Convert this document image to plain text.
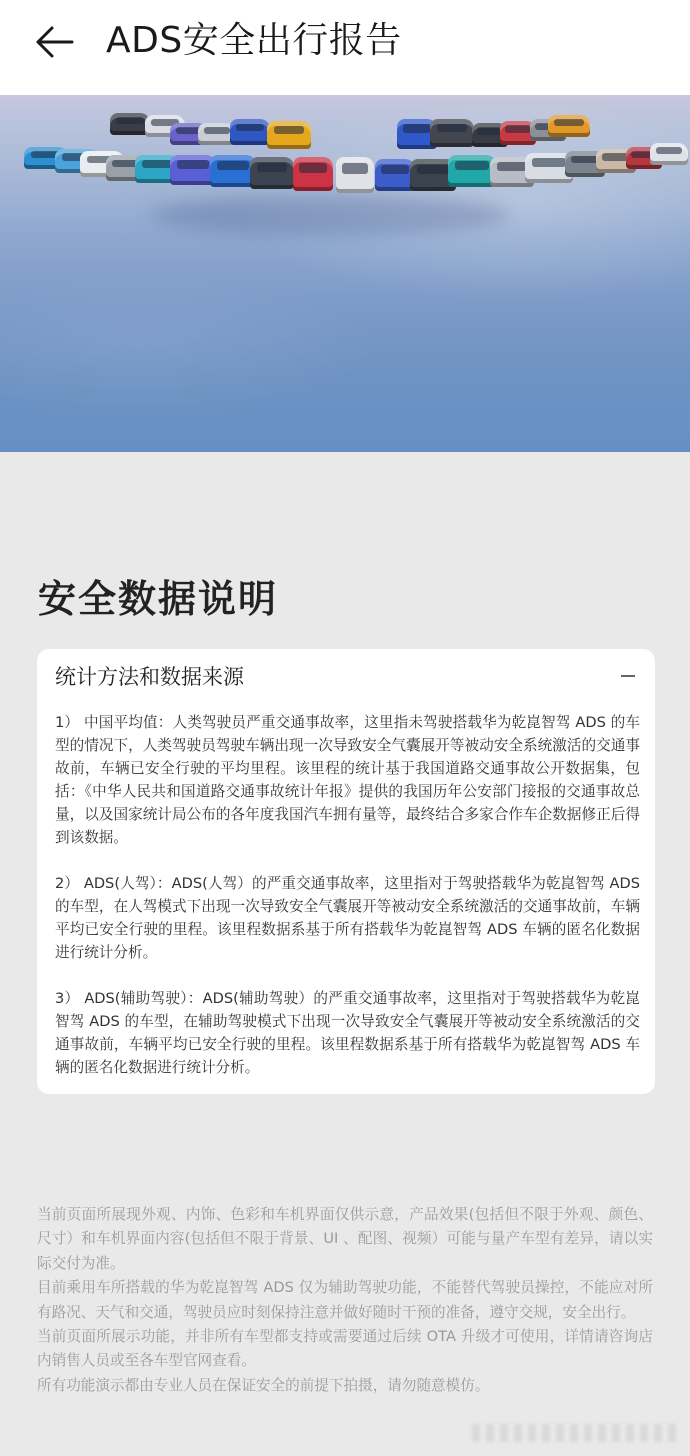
ADS安全出行报告
安全数据说明
统计方法和数据来源

1） 中国平均值：人类驾驶员严重交通事故率，这里指未驾驶搭载华为乾崑智驾 ADS 的车型的情况下，人类驾驶员驾驶车辆出现一次导致安全气囊展开等被动安全系统激活的交通事故前，车辆已安全行驶的平均里程。该里程的统计基于我国道路交通事故公开数据集，包括：《中华人民共和国道路交通事故统计年报》提供的我国历年公安部门接报的交通事故总量，以及国家统计局公布的各年度我国汽车拥有量等，最终结合多家合作车企数据修正后得到该数据。

2） ADS(人驾）：ADS(人驾）的严重交通事故率，这里指对于驾驶搭载华为乾崑智驾 ADS 的车型，在人驾模式下出现一次导致安全气囊展开等被动安全系统激活的交通事故前，车辆平均已安全行驶的里程。该里程数据系基于所有搭载华为乾崑智驾 ADS 车辆的匿名化数据进行统计分析。

3） ADS(辅助驾驶）：ADS(辅助驾驶）的严重交通事故率，这里指对于驾驶搭载华为乾崑智驾 ADS 的车型，在辅助驾驶模式下出现一次导致安全气囊展开等被动安全系统激活的交通事故前，车辆平均已安全行驶的里程。该里程数据系基于所有搭载华为乾崑智驾 ADS 车辆的匿名化数据进行统计分析。

当前页面所展现外观、内饰、色彩和车机界面仅供示意，产品效果(包括但不限于外观、颜色、尺寸）和车机界面内容(包括但不限于背景、UI 、配图、视频）可能与量产车型有差异，请以实际交付为准。

目前乘用车所搭载的华为乾崑智驾 ADS 仅为辅助驾驶功能，不能替代驾驶员操控，不能应对所有路况、天气和交通，驾驶员应时刻保持注意并做好随时干预的准备，遵守交规，安全出行。

当前页面所展示功能，并非所有车型都支持或需要通过后续 OTA 升级才可使用，详情请咨询店内销售人员或至各车型官网查看。

所有功能演示都由专业人员在保证安全的前提下拍摄，请勿随意模仿。
